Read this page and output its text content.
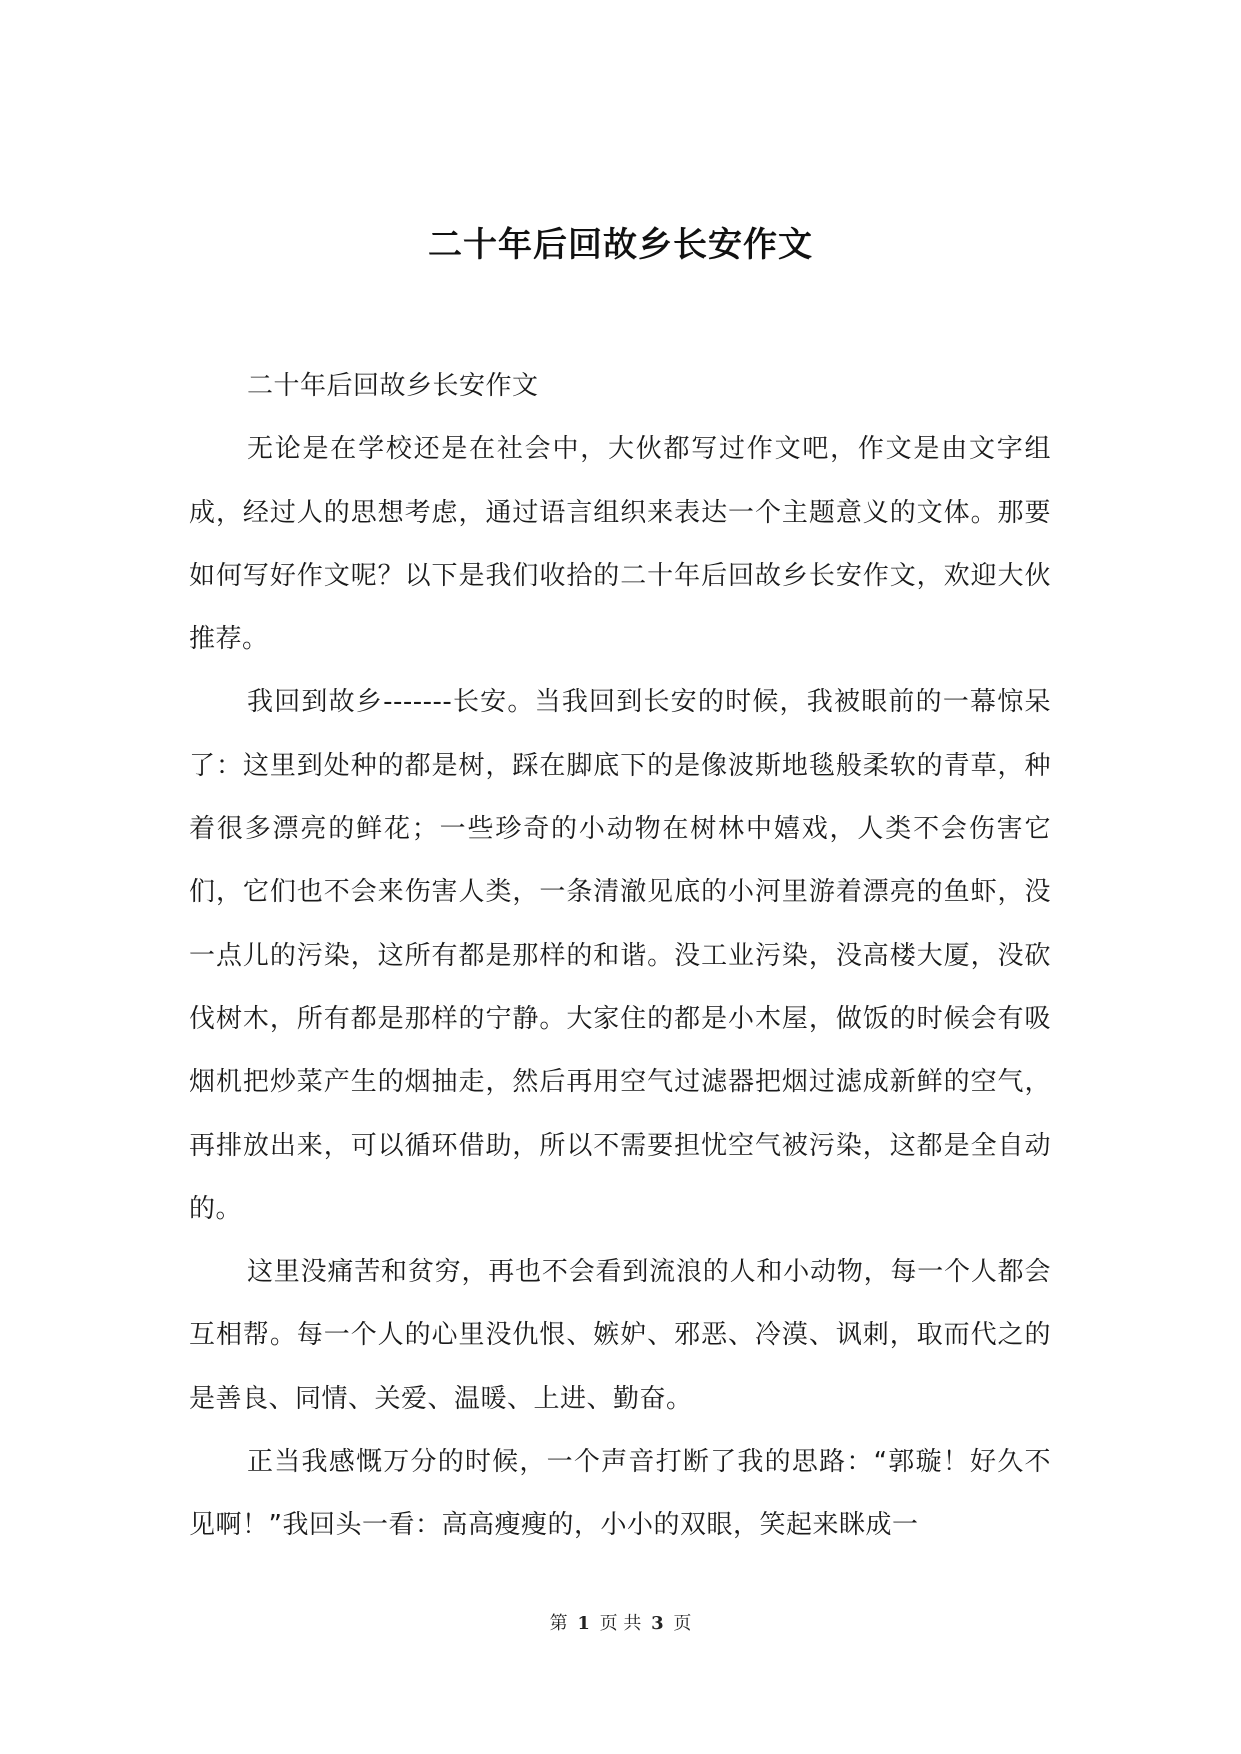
二十年后回故乡长安作文

二十年后回故乡长安作文

无论是在学校还是在社会中，大伙都写过作文吧，作文是由文字组成，经过人的思想考虑，通过语言组织来表达一个主题意义的文体。那要如何写好作文呢？以下是我们收拾的二十年后回故乡长安作文，欢迎大伙推荐。

我回到故乡-------长安。当我回到长安的时候，我被眼前的一幕惊呆了：这里到处种的都是树，踩在脚底下的是像波斯地毯般柔软的青草，种着很多漂亮的鲜花；一些珍奇的小动物在树林中嬉戏，人类不会伤害它们，它们也不会来伤害人类，一条清澈见底的小河里游着漂亮的鱼虾，没一点儿的污染，这所有都是那样的和谐。没工业污染，没高楼大厦，没砍伐树木，所有都是那样的宁静。大家住的都是小木屋，做饭的时候会有吸烟机把炒菜产生的烟抽走，然后再用空气过滤器把烟过滤成新鲜的空气，再排放出来，可以循环借助，所以不需要担忧空气被污染，这都是全自动的。

这里没痛苦和贫穷，再也不会看到流浪的人和小动物，每一个人都会互相帮。每一个人的心里没仇恨、嫉妒、邪恶、冷漠、讽刺，取而代之的是善良、同情、关爱、温暖、上进、勤奋。

正当我感慨万分的时候，一个声音打断了我的思路：“郭璇！好久不见啊！”我回头一看：高高瘦瘦的，小小的双眼，笑起来眯成一

第 1 页 共 3 页
